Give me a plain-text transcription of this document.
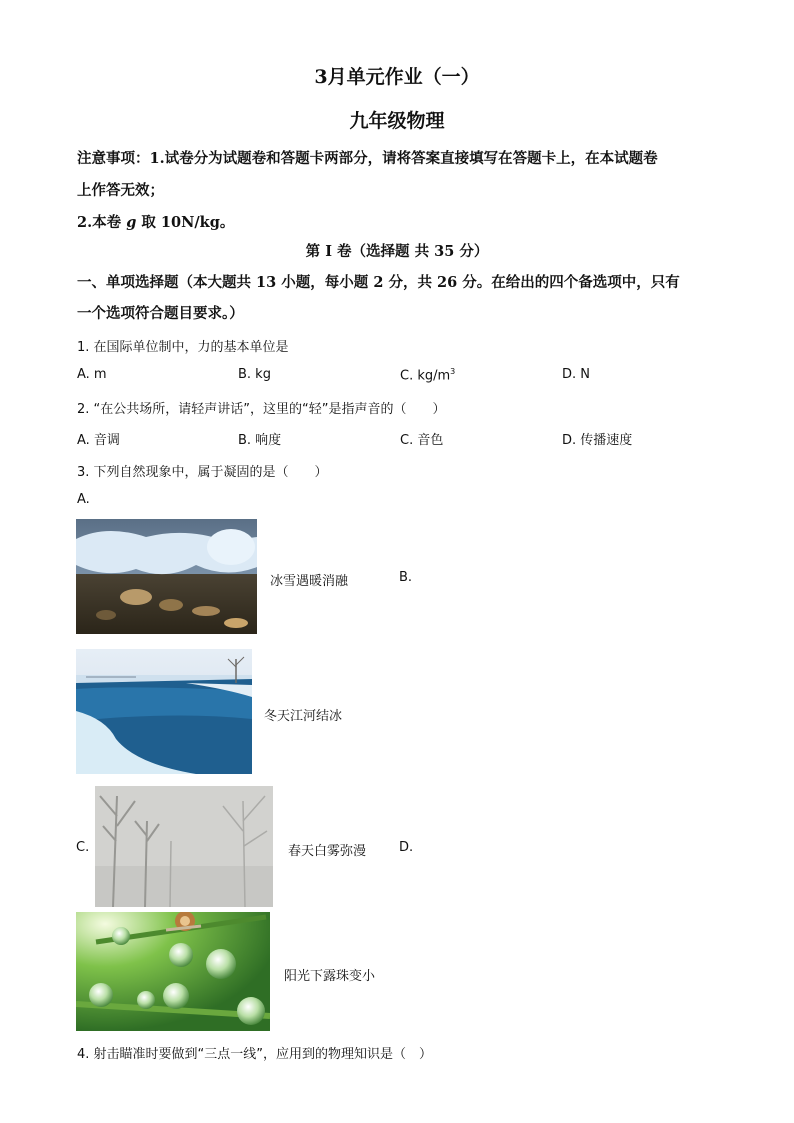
3月单元作业（一）
九年级物理
注意事项：1.试卷分为试题卷和答题卡两部分，请将答案直接填写在答题卡上，在本试题卷
上作答无效；
2.本卷 g 取 10N/kg。
第 I 卷（选择题 共 35 分）
一、单项选择题（本大题共 13 小题，每小题 2 分，共 26 分。在给出的四个备选项中，只有
一个选项符合题目要求。）
1. 在国际单位制中，力的基本单位是
A. m	B. kg	C. $kg/m^3$	D. N
2. “在公共场所，请轻声讲话”，这里的“轻”是指声音的（　　）
A. 音调	B. 响度	C. 音色	D. 传播速度
3. 下列自然现象中，属于凝固的是（　　）
A.
冰雪遇暖消融	B.
冬天江河结冰
C.	春天白雾弥漫	D.
阳光下露珠变小
4. 射击瞄准时要做到“三点一线”，应用到的物理知识是（　）
